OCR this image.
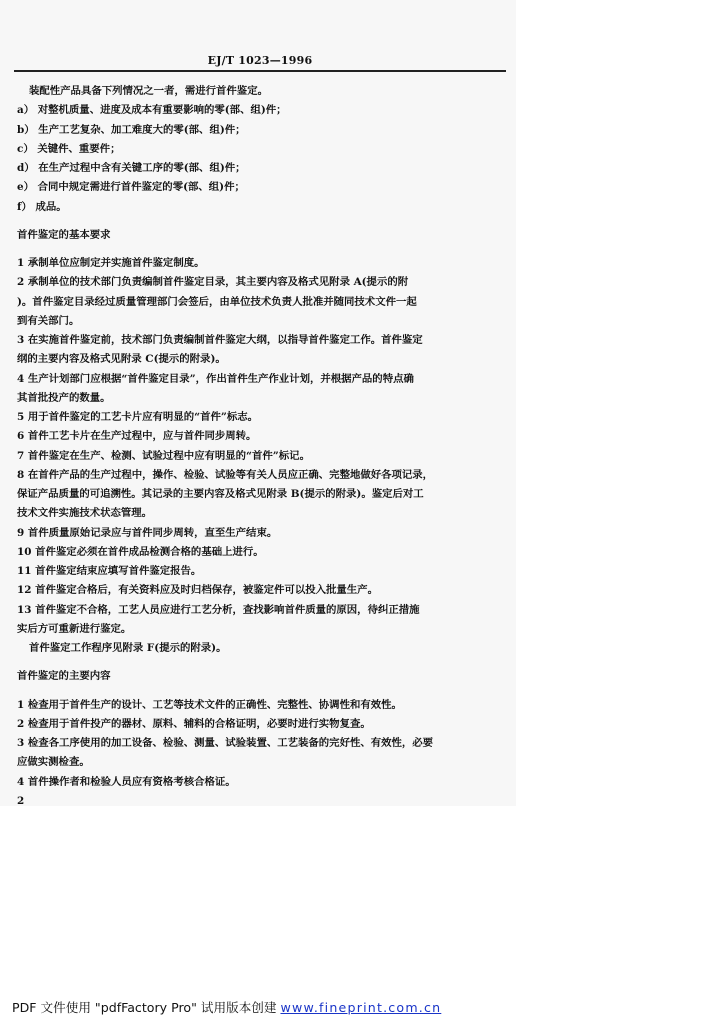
EJ/T 1023—1996
装配性产品具备下列情况之一者，需进行首件鉴定。
a） 对整机质量、进度及成本有重要影响的零(部、组)件；
b） 生产工艺复杂、加工难度大的零(部、组)件；
c） 关键件、重要件；
d） 在生产过程中含有关键工序的零(部、组)件；
e） 合同中规定需进行首件鉴定的零(部、组)件；
f） 成品。
首件鉴定的基本要求
1 承制单位应制定并实施首件鉴定制度。
2 承制单位的技术部门负责编制首件鉴定目录，其主要内容及格式见附录 A(提示的附
)。首件鉴定目录经过质量管理部门会签后，由单位技术负责人批准并随同技术文件一起
到有关部门。
3 在实施首件鉴定前，技术部门负责编制首件鉴定大纲，以指导首件鉴定工作。首件鉴定
纲的主要内容及格式见附录 C(提示的附录)。
4 生产计划部门应根据“首件鉴定目录”，作出首件生产作业计划，并根据产品的特点确
其首批投产的数量。
5 用于首件鉴定的工艺卡片应有明显的“首件”标志。
6 首件工艺卡片在生产过程中，应与首件同步周转。
7 首件鉴定在生产、检测、试验过程中应有明显的“首件”标记。
8 在首件产品的生产过程中，操作、检验、试验等有关人员应正确、完整地做好各项记录，
保证产品质量的可追溯性。其记录的主要内容及格式见附录 B(提示的附录)。鉴定后对工
技术文件实施技术状态管理。
9 首件质量原始记录应与首件同步周转，直至生产结束。
10 首件鉴定必须在首件成品检测合格的基础上进行。
11 首件鉴定结束应填写首件鉴定报告。
12 首件鉴定合格后，有关资料应及时归档保存，被鉴定件可以投入批量生产。
13 首件鉴定不合格，工艺人员应进行工艺分析，查找影响首件质量的原因，待纠正措施
实后方可重新进行鉴定。
首件鉴定工作程序见附录 F(提示的附录)。
首件鉴定的主要内容
1 检查用于首件生产的设计、工艺等技术文件的正确性、完整性、协调性和有效性。
2 检查用于首件投产的器材、原料、辅料的合格证明，必要时进行实物复查。
3 检查各工序使用的加工设备、检验、测量、试验装置、工艺装备的完好性、有效性，必要
应做实测检查。
4 首件操作者和检验人员应有资格考核合格证。
2
PDF 文件使用 "pdfFactory Pro" 试用版本创建 www.fineprint.com.cn
